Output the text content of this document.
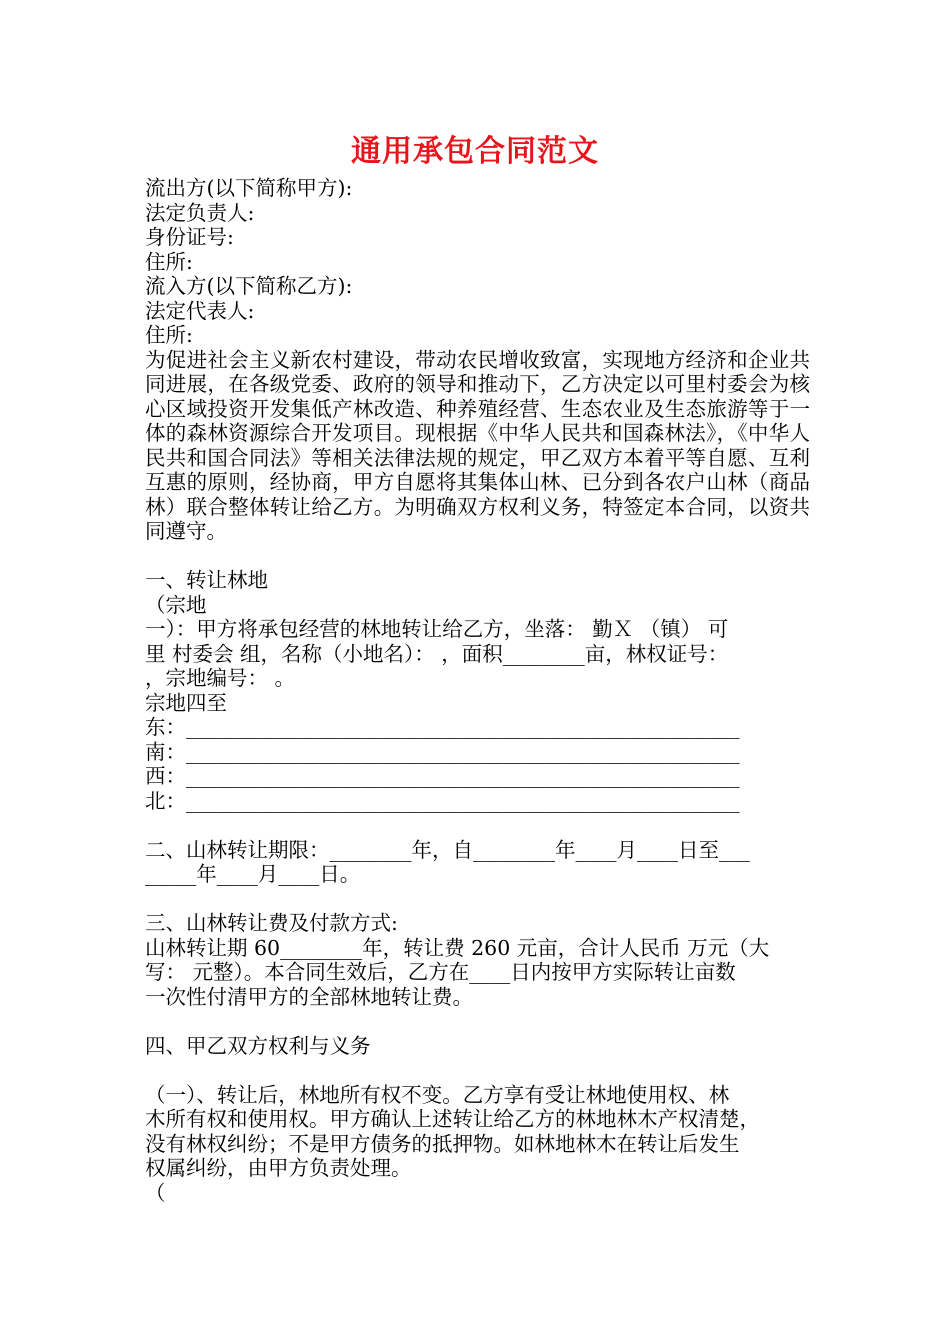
通用承包合同范文
流出方(以下简称甲方):
法定负责人:
身份证号:
住所:
流入方(以下简称乙方):
法定代表人:
住所:
为促进社会主义新农村建设，带动农民增收致富，实现地方经济和企业共同进展，在各级党委、政府的领导和推动下，乙方决定以可里村委会为核心区域投资开发集低产林改造、种养殖经营、生态农业及生态旅游等于一体的森林资源综合开发项目。现根据《中华人民共和国森林法》，《中华人民共和国合同法》等相关法律法规的规定，甲乙双方本着平等自愿、互利互惠的原则，经协商，甲方自愿将其集体山林、已分到各农户山林（商品林）联合整体转让给乙方。为明确双方权利义务，特签定本合同，以资共同遵守。
一、转让林地
（宗地
一）：甲方将承包经营的林地转让给乙方，坐落： 勤Ｘ （镇） 可
里 村委会 组，名称（小地名）： ，面积________亩，林权证号：
，宗地编号： 。
宗地四至
东：______________________________________________________
南：______________________________________________________
西：______________________________________________________
北：______________________________________________________
二、山林转让期限：________年，自________年____月____日至___
_____年____月____日。
三、山林转让费及付款方式:
山林转让期 60________年，转让费 260 元亩，合计人民币 万元（大
写： 元整）。本合同生效后，乙方在____日内按甲方实际转让亩数
一次性付清甲方的全部林地转让费。
四、甲乙双方权利与义务
（一）、转让后，林地所有权不变。乙方享有受让林地使用权、林
木所有权和使用权。甲方确认上述转让给乙方的林地林木产权清楚，
没有林权纠纷；不是甲方债务的抵押物。如林地林木在转让后发生
权属纠纷，由甲方负责处理。
（
